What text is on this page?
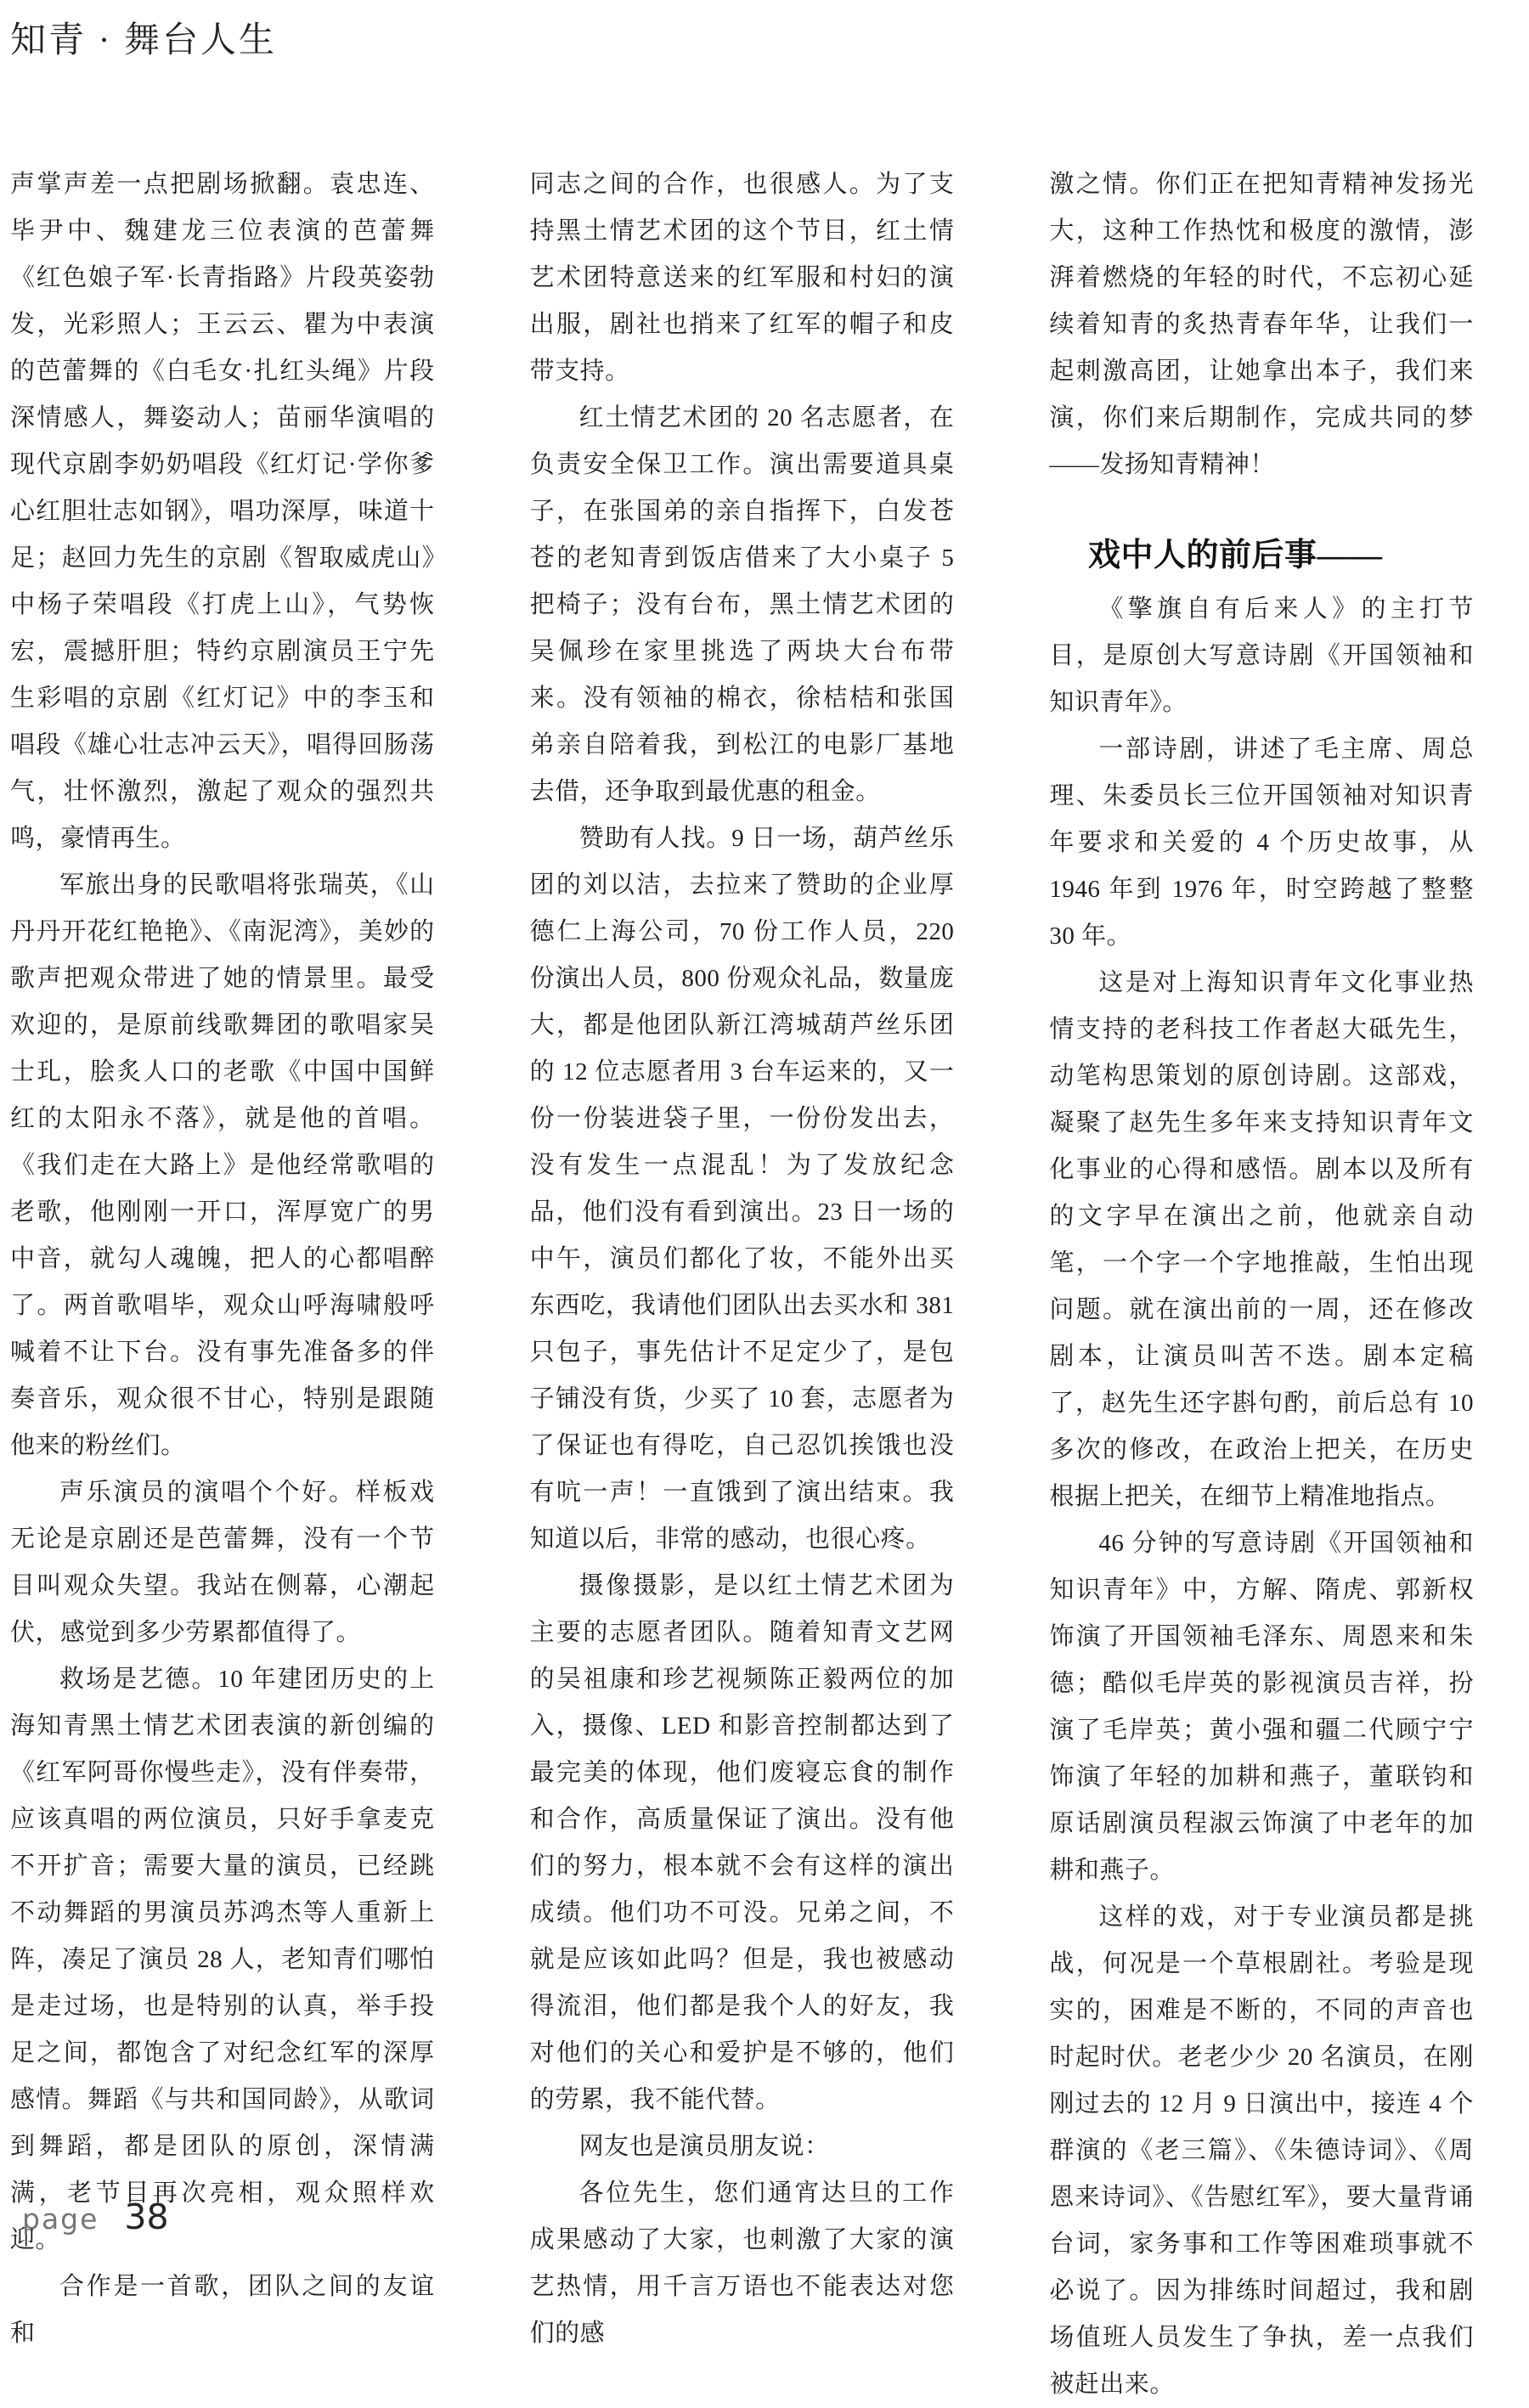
知青 · 舞台人生

声掌声差一点把剧场掀翻。袁忠连、毕尹中、魏建龙三位表演的芭蕾舞《红色娘子军·长青指路》片段英姿勃发，光彩照人；王云云、瞿为中表演的芭蕾舞的《白毛女·扎红头绳》片段深情感人，舞姿动人；苗丽华演唱的现代京剧李奶奶唱段《红灯记·学你爹心红胆壮志如钢》，唱功深厚，味道十足；赵回力先生的京剧《智取威虎山》中杨子荣唱段《打虎上山》，气势恢宏，震撼肝胆；特约京剧演员王宁先生彩唱的京剧《红灯记》中的李玉和唱段《雄心壮志冲云天》，唱得回肠荡气，壮怀激烈，激起了观众的强烈共鸣，豪情再生。

军旅出身的民歌唱将张瑞英，《山丹丹开花红艳艳》、《南泥湾》，美妙的歌声把观众带进了她的情景里。最受欢迎的，是原前线歌舞团的歌唱家吴士玌，脍炙人口的老歌《中国中国鲜红的太阳永不落》，就是他的首唱。《我们走在大路上》是他经常歌唱的老歌，他刚刚一开口，浑厚宽广的男中音，就勾人魂魄，把人的心都唱醉了。两首歌唱毕，观众山呼海啸般呼喊着不让下台。没有事先准备多的伴奏音乐，观众很不甘心，特别是跟随他来的粉丝们。

声乐演员的演唱个个好。样板戏无论是京剧还是芭蕾舞，没有一个节目叫观众失望。我站在侧幕，心潮起伏，感觉到多少劳累都值得了。

救场是艺德。10 年建团历史的上海知青黑土情艺术团表演的新创编的《红军阿哥你慢些走》，没有伴奏带，应该真唱的两位演员，只好手拿麦克不开扩音；需要大量的演员，已经跳不动舞蹈的男演员苏鸿杰等人重新上阵，凑足了演员 28 人，老知青们哪怕是走过场，也是特别的认真，举手投足之间，都饱含了对纪念红军的深厚感情。舞蹈《与共和国同龄》，从歌词到舞蹈，都是团队的原创，深情满满，老节目再次亮相，观众照样欢迎。

合作是一首歌，团队之间的友谊和

同志之间的合作，也很感人。为了支持黑土情艺术团的这个节目，红土情艺术团特意送来的红军服和村妇的演出服，剧社也捎来了红军的帽子和皮带支持。

红土情艺术团的 20 名志愿者，在负责安全保卫工作。演出需要道具桌子，在张国弟的亲自指挥下，白发苍苍的老知青到饭店借来了大小桌子 5 把椅子；没有台布，黑土情艺术团的吴佩珍在家里挑选了两块大台布带来。没有领袖的棉衣，徐桔桔和张国弟亲自陪着我，到松江的电影厂基地去借，还争取到最优惠的租金。

赞助有人找。9 日一场，葫芦丝乐团的刘以洁，去拉来了赞助的企业厚德仁上海公司，70 份工作人员，220 份演出人员，800 份观众礼品，数量庞大，都是他团队新江湾城葫芦丝乐团的 12 位志愿者用 3 台车运来的，又一份一份装进袋子里，一份份发出去，没有发生一点混乱！为了发放纪念品，他们没有看到演出。23 日一场的中午，演员们都化了妆，不能外出买东西吃，我请他们团队出去买水和 381 只包子，事先估计不足定少了，是包子铺没有货，少买了 10 套，志愿者为了保证也有得吃，自己忍饥挨饿也没有吭一声！一直饿到了演出结束。我知道以后，非常的感动，也很心疼。

摄像摄影，是以红土情艺术团为主要的志愿者团队。随着知青文艺网的吴祖康和珍艺视频陈正毅两位的加入，摄像、LED 和影音控制都达到了最完美的体现，他们废寝忘食的制作和合作，高质量保证了演出。没有他们的努力，根本就不会有这样的演出成绩。他们功不可没。兄弟之间，不就是应该如此吗？但是，我也被感动得流泪，他们都是我个人的好友，我对他们的关心和爱护是不够的，他们的劳累，我不能代替。

网友也是演员朋友说：

各位先生，您们通宵达旦的工作成果感动了大家，也刺激了大家的演艺热情，用千言万语也不能表达对您们的感

激之情。你们正在把知青精神发扬光大，这种工作热忱和极度的激情，澎湃着燃烧的年轻的时代，不忘初心延续着知青的炙热青春年华，让我们一起刺激高团，让她拿出本子，我们来演，你们来后期制作，完成共同的梦——发扬知青精神！

戏中人的前后事——

《擎旗自有后来人》的主打节目，是原创大写意诗剧《开国领袖和知识青年》。

一部诗剧，讲述了毛主席、周总理、朱委员长三位开国领袖对知识青年要求和关爱的 4 个历史故事，从 1946 年到 1976 年，时空跨越了整整 30 年。

这是对上海知识青年文化事业热情支持的老科技工作者赵大砥先生，动笔构思策划的原创诗剧。这部戏，凝聚了赵先生多年来支持知识青年文化事业的心得和感悟。剧本以及所有的文字早在演出之前，他就亲自动笔，一个字一个字地推敲，生怕出现问题。就在演出前的一周，还在修改剧本，让演员叫苦不迭。剧本定稿了，赵先生还字斟句酌，前后总有 10 多次的修改，在政治上把关，在历史根据上把关，在细节上精准地指点。

46 分钟的写意诗剧《开国领袖和知识青年》中，方解、隋虎、郭新权饰演了开国领袖毛泽东、周恩来和朱德；酷似毛岸英的影视演员吉祥，扮演了毛岸英；黄小强和疆二代顾宁宁饰演了年轻的加耕和燕子，董联钧和原话剧演员程淑云饰演了中老年的加耕和燕子。

这样的戏，对于专业演员都是挑战，何况是一个草根剧社。考验是现实的，困难是不断的，不同的声音也时起时伏。老老少少 20 名演员，在刚刚过去的 12 月 9 日演出中，接连 4 个群演的《老三篇》、《朱德诗词》、《周恩来诗词》、《告慰红军》，要大量背诵台词，家务事和工作等困难琐事就不必说了。因为排练时间超过，我和剧场值班人员发生了争执，差一点我们被赶出来。

page 38
